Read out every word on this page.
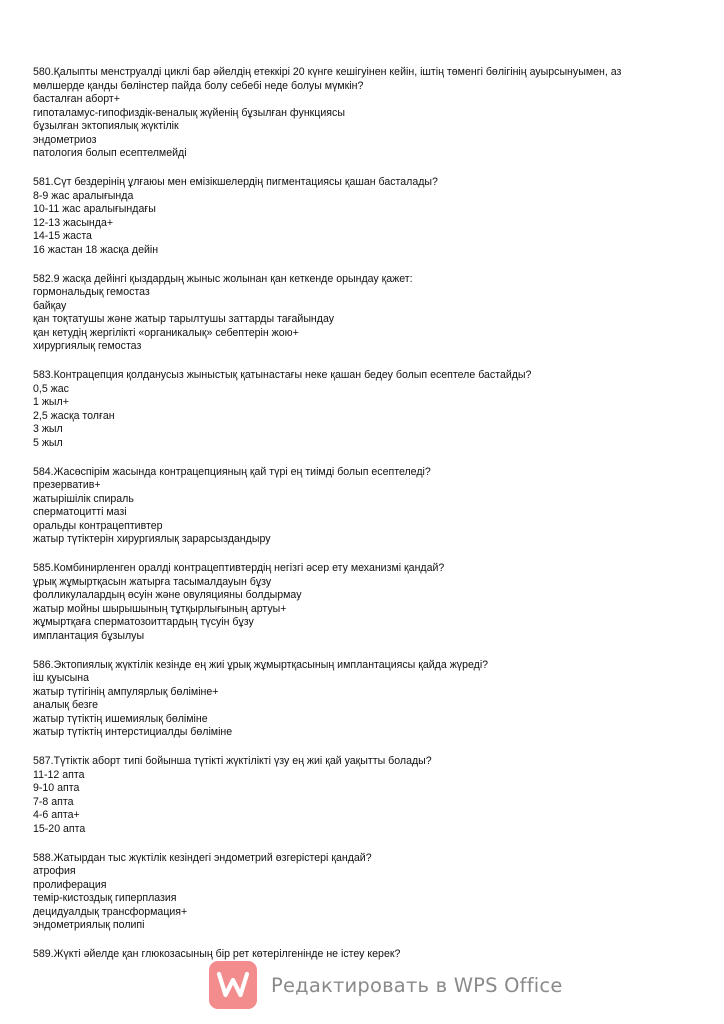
580.Қалыпты менструалді циклі бар әйелдің етеккірі 20 күнге кешігуінен кейін, іштің төменгі бөлігінің ауырсынуымен, аз
мөлшерде қанды бөлінстер пайда болу себебі неде болуы мүмкін?
басталған аборт+
гипоталамус-гипофиздік-веналық жүйенің бұзылған функциясы
бұзылған эктопиялық жүктілік
эндометриоз
патология болып есептелмейді
581.Сүт бездерінің ұлғаюы мен емізікшелердің пигментациясы қашан басталады?
8-9 жас аралығында
10-11 жас аралығындағы
12-13 жасында+
14-15 жаста
16 жастан 18 жасқа дейін
582.9 жасқа дейінгі қыздардың жыныс жолынан қан кеткенде орындау қажет:
гормональдық гемостаз
байқау
қан тоқтатушы және жатыр тарылтушы заттарды тағайындау
қан кетудің жергілікті «органикалық» себептерін жою+
хирургиялық гемостаз
583.Контрацепция қолданусыз жыныстық қатынастағы неке қашан бедеу болып есептеле бастайды?
0,5 жас
1 жыл+
2,5 жасқа толған
3 жыл
5 жыл
584.Жасөспірім жасында контрацепцияның қай түрі ең тиімді болып есептеледі?
презерватив+
жатырішілік спираль
сперматоцитті мазі
оральды контрацептивтер
жатыр түтіктерін хирургиялық зарарсыздандыру
585.Комбинирленген оралді контрацептивтердің негізгі әсер ету механизмі қандай?
ұрық жұмыртқасын жатырға тасымалдауын бұзу
фолликулалардың өсуін және овуляцияны болдырмау
жатыр мойны шырышының тұтқырлығының артуы+
жұмыртқаға сперматозоиттардың түсуін бұзу
имплантация бұзылуы
586.Эктопиялық жүктілік кезінде ең жиі ұрық жұмыртқасының имплантациясы қайда жүреді?
іш қуысына
жатыр түтігінің ампулярлық бөлiмiне+
аналық безге
жатыр түтіктің ишемиялық бөлiмiне
жатыр түтіктің интерстициалды бөлiмiне
587.Түтіктік аборт типі бойынша түтікті жүктілікті үзу ең жиі қай уақытты болады?
11-12 апта
9-10 апта
7-8 апта
4-6 апта+
15-20 апта
588.Жатырдан тыс жүктілік кезіндегі эндометрий өзгерістері қандай?
атрофия
пролиферация
темір-кистоздық гиперплазия
децидуалдық трансформация+
эндометриялық полипі
589.Жүкті әйелде қан глюкозасының бір рет көтерілгенінде не істеу керек?
Редактировать в WPS Office
